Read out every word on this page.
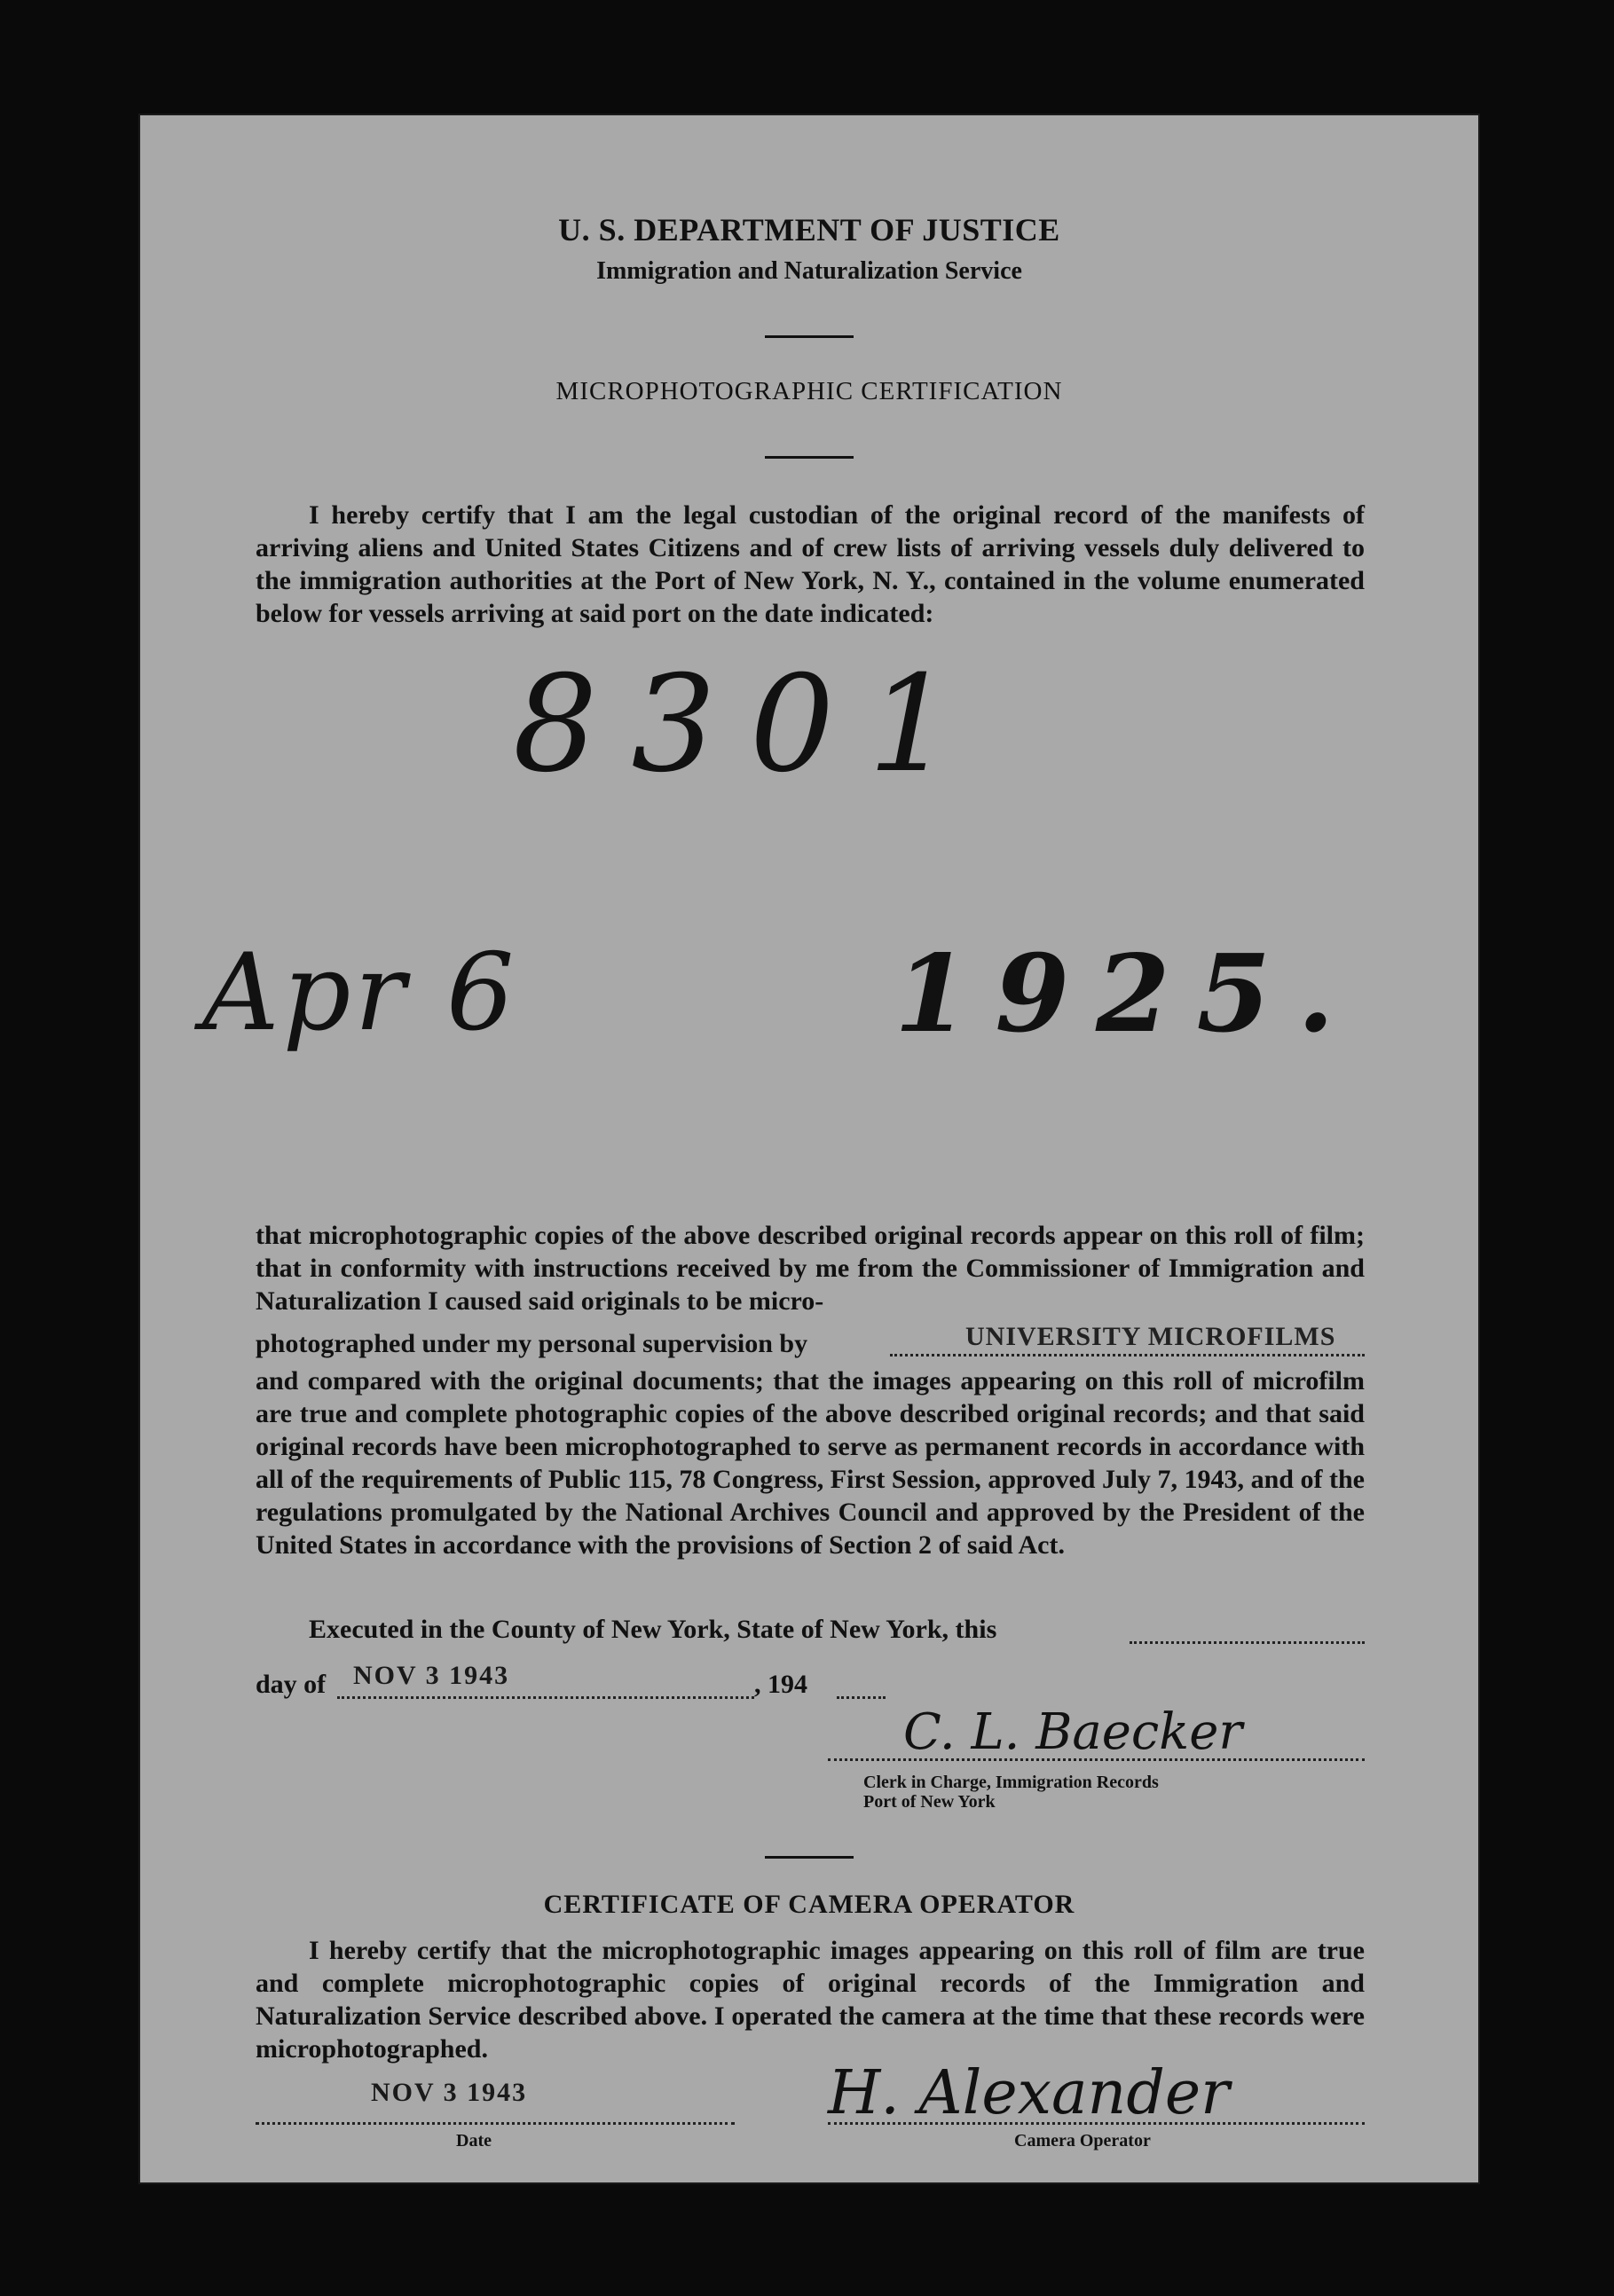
U. S. DEPARTMENT OF JUSTICE
Immigration and Naturalization Service
MICROPHOTOGRAPHIC CERTIFICATION
I hereby certify that I am the legal custodian of the original record of the manifests of arriving aliens and United States Citizens and of crew lists of arriving vessels duly delivered to the immigration authorities at the Port of New York, N. Y., contained in the volume enumerated below for vessels arriving at said port on the date indicated:
8301
Apr 6	1925.
that microphotographic copies of the above described original records appear on this roll of film; that in conformity with instructions received by me from the Commissioner of Immigration and Naturalization I caused said originals to be micro-
photographed under my personal supervision by	UNIVERSITY MICROFILMS
and compared with the original documents; that the images appearing on this roll of microfilm are true and complete photographic copies of the above described original records; and that said original records have been microphotographed to serve as permanent records in accordance with all of the requirements of Public 115, 78 Congress, First Session, approved July 7, 1943, and of the regulations promulgated by the National Archives Council and approved by the President of the United States in accordance with the provisions of Section 2 of said Act.
Executed in the County of New York, State of New York, this
day of NOV 3 1943	, 194
C. L. Baecker
Clerk in Charge, Immigration Records
Port of New York
CERTIFICATE OF CAMERA OPERATOR
I hereby certify that the microphotographic images appearing on this roll of film are true and complete microphotographic copies of original records of the Immigration and Naturalization Service described above. I operated the camera at the time that these records were microphotographed.
NOV 3 1943
Date
H. Alexander
Camera Operator
